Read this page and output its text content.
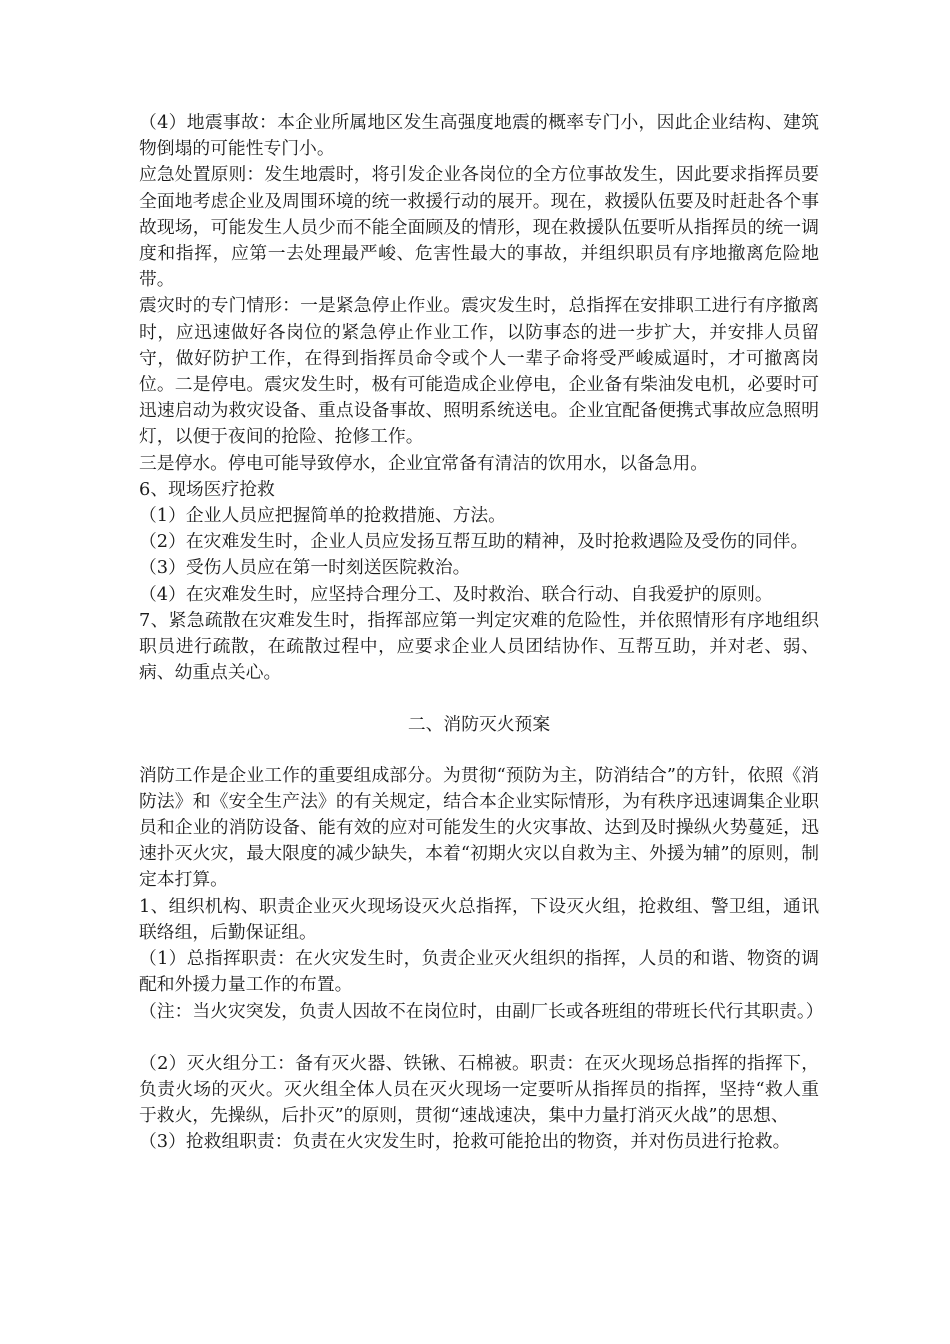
（4）地震事故：本企业所属地区发生高强度地震的概率专门小，因此企业结构、建筑物倒塌的可能性专门小。

应急处置原则：发生地震时，将引发企业各岗位的全方位事故发生，因此要求指挥员要全面地考虑企业及周围环境的统一救援行动的展开。现在，救援队伍要及时赶赴各个事故现场，可能发生人员少而不能全面顾及的情形，现在救援队伍要听从指挥员的统一调度和指挥，应第一去处理最严峻、危害性最大的事故，并组织职员有序地撤离危险地带。

震灾时的专门情形：一是紧急停止作业。震灾发生时，总指挥在安排职工进行有序撤离时，应迅速做好各岗位的紧急停止作业工作，以防事态的进一步扩大，并安排人员留守，做好防护工作，在得到指挥员命令或个人一辈子命将受严峻威逼时，才可撤离岗位。二是停电。震灾发生时，极有可能造成企业停电，企业备有柴油发电机，必要时可迅速启动为救灾设备、重点设备事故、照明系统送电。企业宜配备便携式事故应急照明灯，以便于夜间的抢险、抢修工作。

三是停水。停电可能导致停水，企业宜常备有清洁的饮用水，以备急用。

6、现场医疗抢救

（1）企业人员应把握简单的抢救措施、方法。

（2）在灾难发生时，企业人员应发扬互帮互助的精神，及时抢救遇险及受伤的同伴。

（3）受伤人员应在第一时刻送医院救治。

（4）在灾难发生时，应坚持合理分工、及时救治、联合行动、自我爱护的原则。

7、紧急疏散在灾难发生时，指挥部应第一判定灾难的危险性，并依照情形有序地组织职员进行疏散，在疏散过程中，应要求企业人员团结协作、互帮互助，并对老、弱、病、幼重点关心。

二、消防灭火预案

消防工作是企业工作的重要组成部分。为贯彻“预防为主，防消结合”的方针，依照《消防法》和《安全生产法》的有关规定，结合本企业实际情形，为有秩序迅速调集企业职员和企业的消防设备、能有效的应对可能发生的火灾事故、达到及时操纵火势蔓延，迅速扑灭火灾，最大限度的减少缺失，本着“初期火灾以自救为主、外援为辅”的原则，制定本打算。

1、组织机构、职责企业灭火现场设灭火总指挥，下设灭火组，抢救组、警卫组，通讯联络组，后勤保证组。

（1）总指挥职责：在火灾发生时，负责企业灭火组织的指挥，人员的和谐、物资的调配和外援力量工作的布置。

（注：当火灾突发，负责人因故不在岗位时，由副厂长或各班组的带班长代行其职责。）

（2）灭火组分工：备有灭火器、铁锹、石棉被。职责：在灭火现场总指挥的指挥下，负责火场的灭火。灭火组全体人员在灭火现场一定要听从指挥员的指挥，坚持“救人重于救火，先操纵，后扑灭”的原则，贯彻“速战速决，集中力量打消灭火战”的思想、

（3）抢救组职责：负责在火灾发生时，抢救可能抢出的物资，并对伤员进行抢救。
